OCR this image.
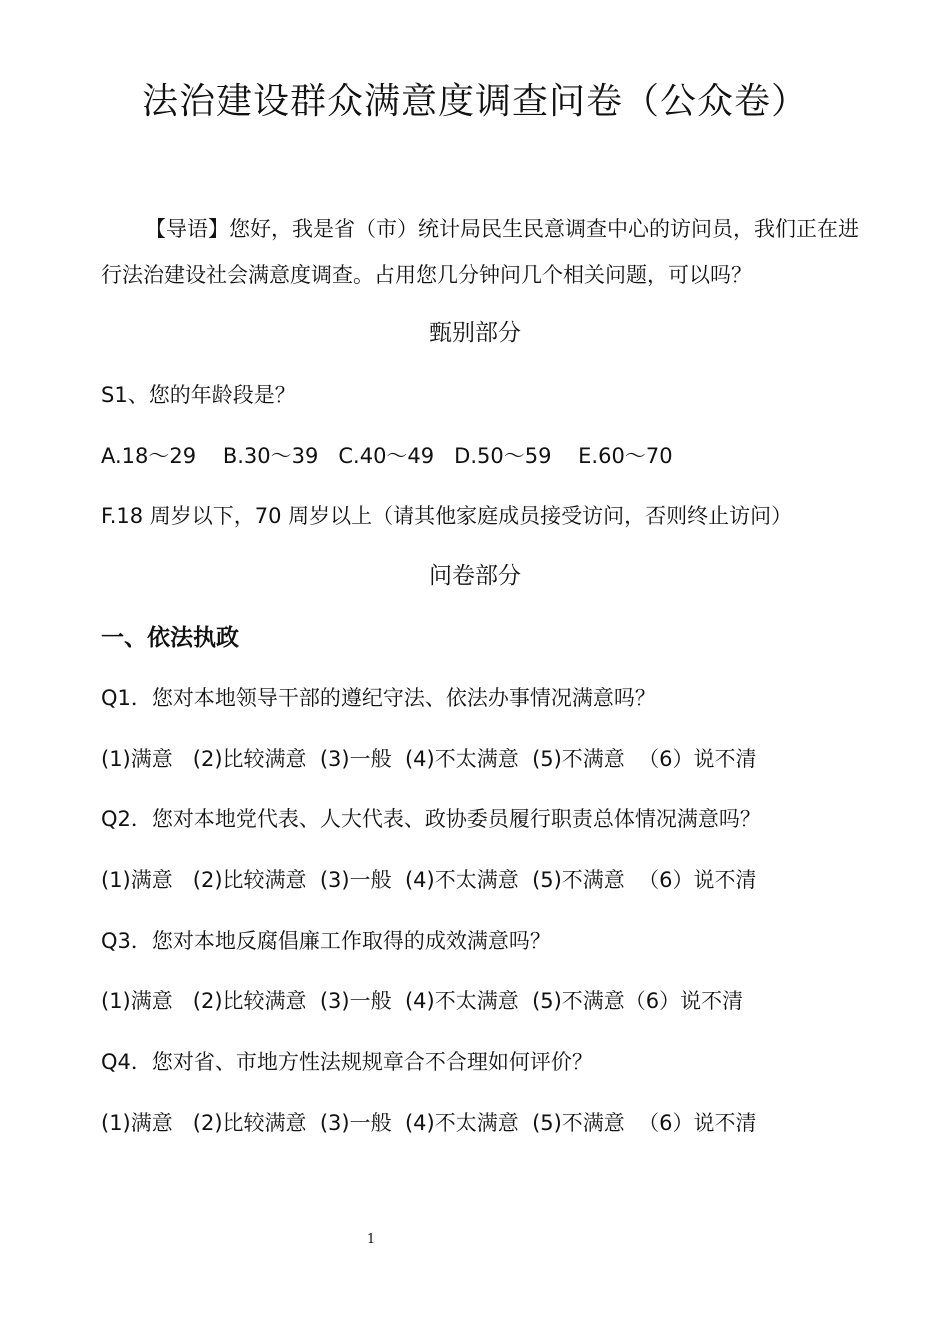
法治建设群众满意度调查问卷（公众卷）
【导语】您好，我是省（市）统计局民生民意调查中心的访问员，我们正在进行法治建设社会满意度调查。占用您几分钟问几个相关问题，可以吗？
甄别部分
S1、您的年龄段是？
A.18～29    B.30～39   C.40～49   D.50～59    E.60～70
F.18 周岁以下，70 周岁以上（请其他家庭成员接受访问，否则终止访问）
问卷部分
一、依法执政
Q1．您对本地领导干部的遵纪守法、依法办事情况满意吗？
(1)满意   (2)比较满意  (3)一般  (4)不太满意  (5)不满意  （6）说不清
Q2．您对本地党代表、人大代表、政协委员履行职责总体情况满意吗？
(1)满意   (2)比较满意  (3)一般  (4)不太满意  (5)不满意  （6）说不清
Q3．您对本地反腐倡廉工作取得的成效满意吗？
(1)满意   (2)比较满意  (3)一般  (4)不太满意  (5)不满意（6）说不清
Q4．您对省、市地方性法规规章合不合理如何评价？
(1)满意   (2)比较满意  (3)一般  (4)不太满意  (5)不满意  （6）说不清
1
